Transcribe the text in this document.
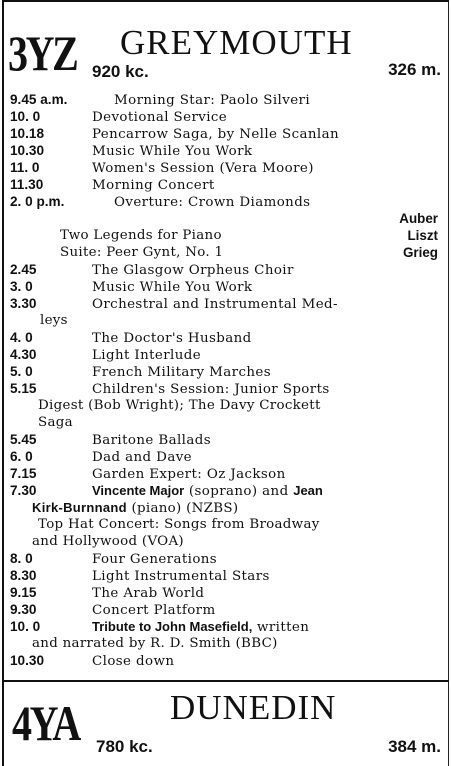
3YZ GREYMOUTH
920 kc.	326 m.
9.45 a.m.	Morning Star: Paolo Silveri
10. 0	Devotional Service
10.18	Pencarrow Saga, by Nelle Scanlan
10.30	Music While You Work
11. 0	Women's Session (Vera Moore)
11.30	Morning Concert
2. 0 p.m.	Overture: Crown Diamonds
Auber
Two Legends for Piano	Liszt
Suite: Peer Gynt, No. 1	Grieg
2.45	The Glasgow Orpheus Choir
3. 0	Music While You Work
3.30	Orchestral and Instrumental Med-
leys
4. 0	The Doctor's Husband
4.30	Light Interlude
5. 0	French Military Marches
5.15	Children's Session: Junior Sports
Digest (Bob Wright); The Davy Crockett
Saga
5.45	Baritone Ballads
6. 0	Dad and Dave
7.15	Garden Expert: Oz Jackson
7.30	Vincente Major (soprano) and Jean
Kirk-Burnnand (piano) (NZBS)
Top Hat Concert: Songs from Broadway
and Hollywood (VOA)
8. 0	Four Generations
8.30	Light Instrumental Stars
9.15	The Arab World
9.30	Concert Platform
10. 0	Tribute to John Masefield, written
and narrated by R. D. Smith (BBC)
10.30	Close down
4YA	DUNEDIN
780 kc.	384 m.
